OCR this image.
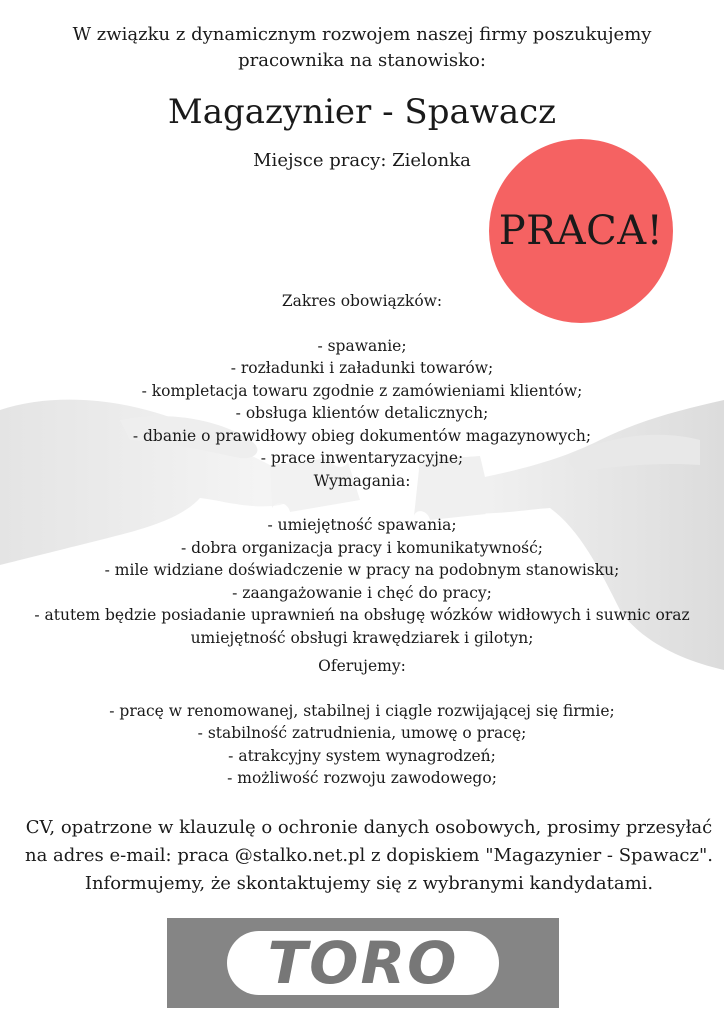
W związku z dynamicznym rozwojem naszej firmy poszukujemy
pracownika na stanowisko:
Magazynier - Spawacz
Miejsce pracy: Zielonka
PRACA!
Zakres obowiązków:
- spawanie;
- rozładunki i załadunki towarów;
- kompletacja towaru zgodnie z zamówieniami klientów;
- obsługa klientów detalicznych;
- dbanie o prawidłowy obieg dokumentów magazynowych;
- prace inwentaryzacyjne;
Wymagania:
- umiejętność spawania;
- dobra organizacja pracy i komunikatywność;
- mile widziane doświadczenie w pracy na podobnym stanowisku;
- zaangażowanie i chęć do pracy;
- atutem będzie posiadanie uprawnień na obsługę wózków widłowych i suwnic oraz
umiejętność obsługi krawędziarek i gilotyn;
Oferujemy:
- pracę w renomowanej, stabilnej i ciągle rozwijającej się firmie;
- stabilność zatrudnienia, umowę o pracę;
- atrakcyjny system wynagrodzeń;
- możliwość rozwoju zawodowego;
CV, opatrzone w klauzulę o ochronie danych osobowych, prosimy przesyłać
na adres e-mail: praca @stalko.net.pl z dopiskiem "Magazynier - Spawacz".
Informujemy, że skontaktujemy się z wybranymi kandydatami.
TORO
